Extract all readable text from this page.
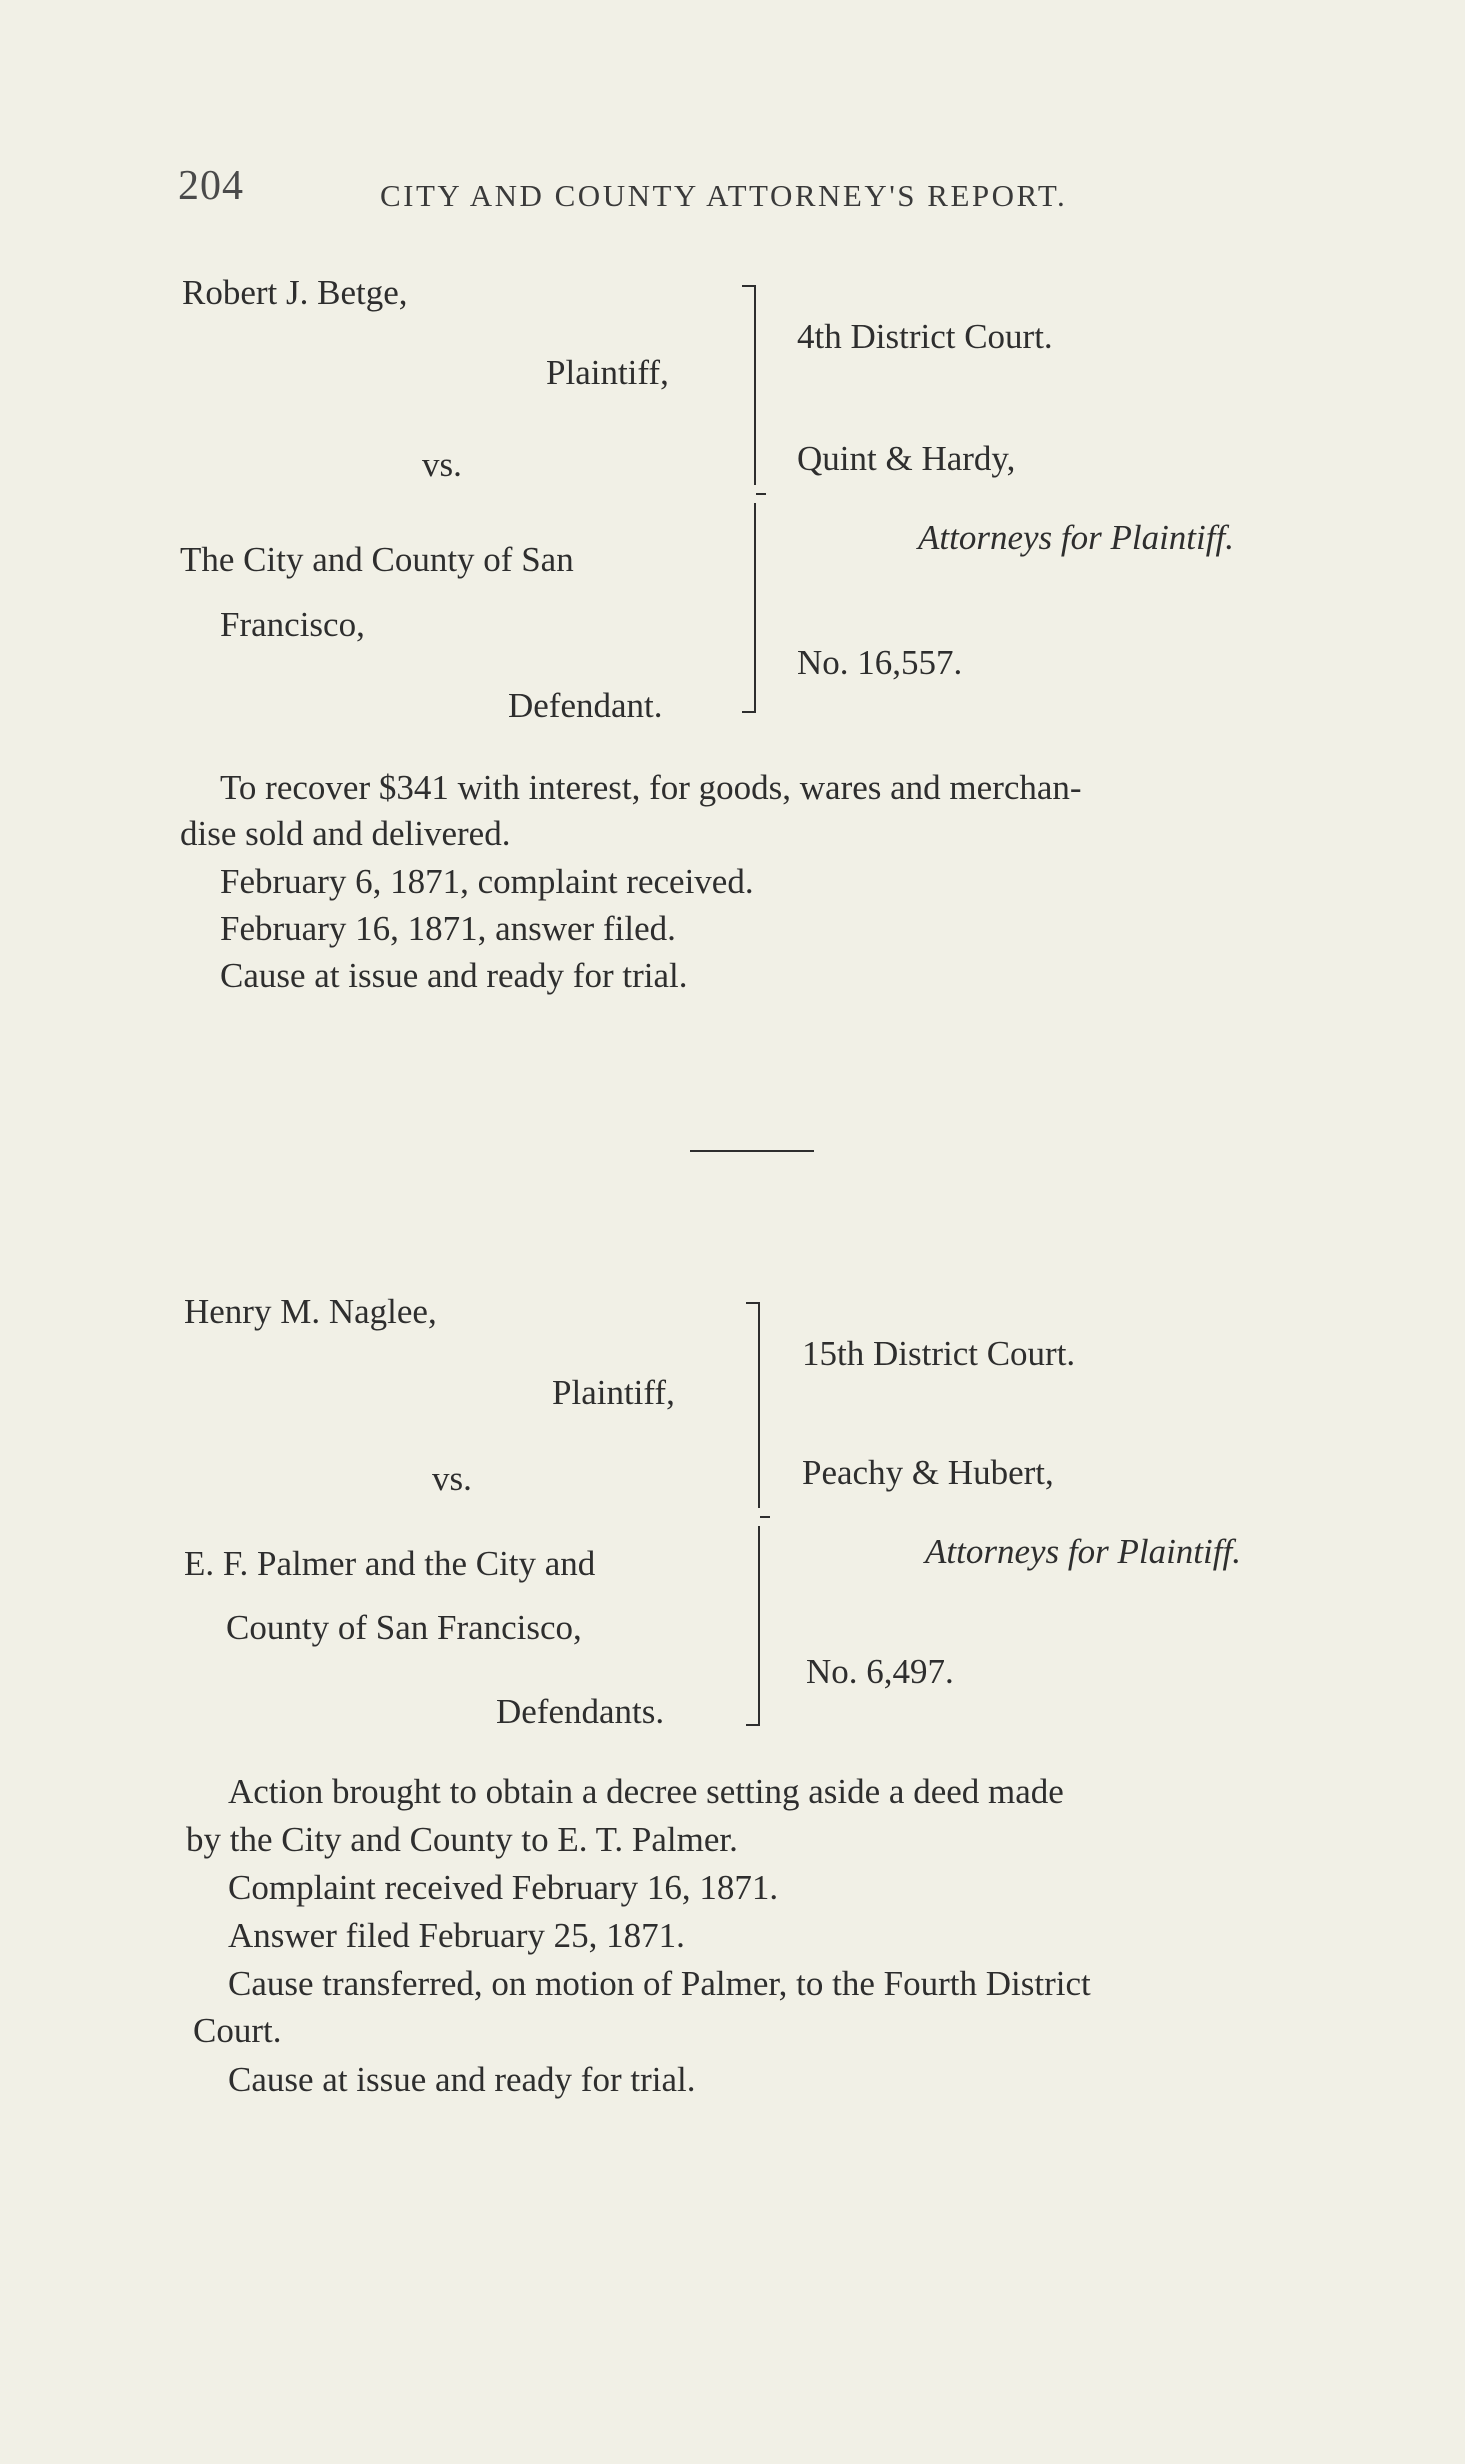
204	CITY AND COUNTY ATTORNEY'S REPORT.
Robert J. Betge,
Plaintiff,
vs.
The City and County of San
Francisco,
Defendant.
4th District Court.
Quint & Hardy,
Attorneys for Plaintiff.
No. 16,557.
To recover $341 with interest, for goods, wares and merchan-
dise sold and delivered.
February 6, 1871, complaint received.
February 16, 1871, answer filed.
Cause at issue and ready for trial.
Henry M. Naglee,
Plaintiff,
vs.
E. F. Palmer and the City and
County of San Francisco,
Defendants.
15th District Court.
Peachy & Hubert,
Attorneys for Plaintiff.
No. 6,497.
Action brought to obtain a decree setting aside a deed made
by the City and County to E. T. Palmer.
Complaint received February 16, 1871.
Answer filed February 25, 1871.
Cause transferred, on motion of Palmer, to the Fourth District
Court.
Cause at issue and ready for trial.
